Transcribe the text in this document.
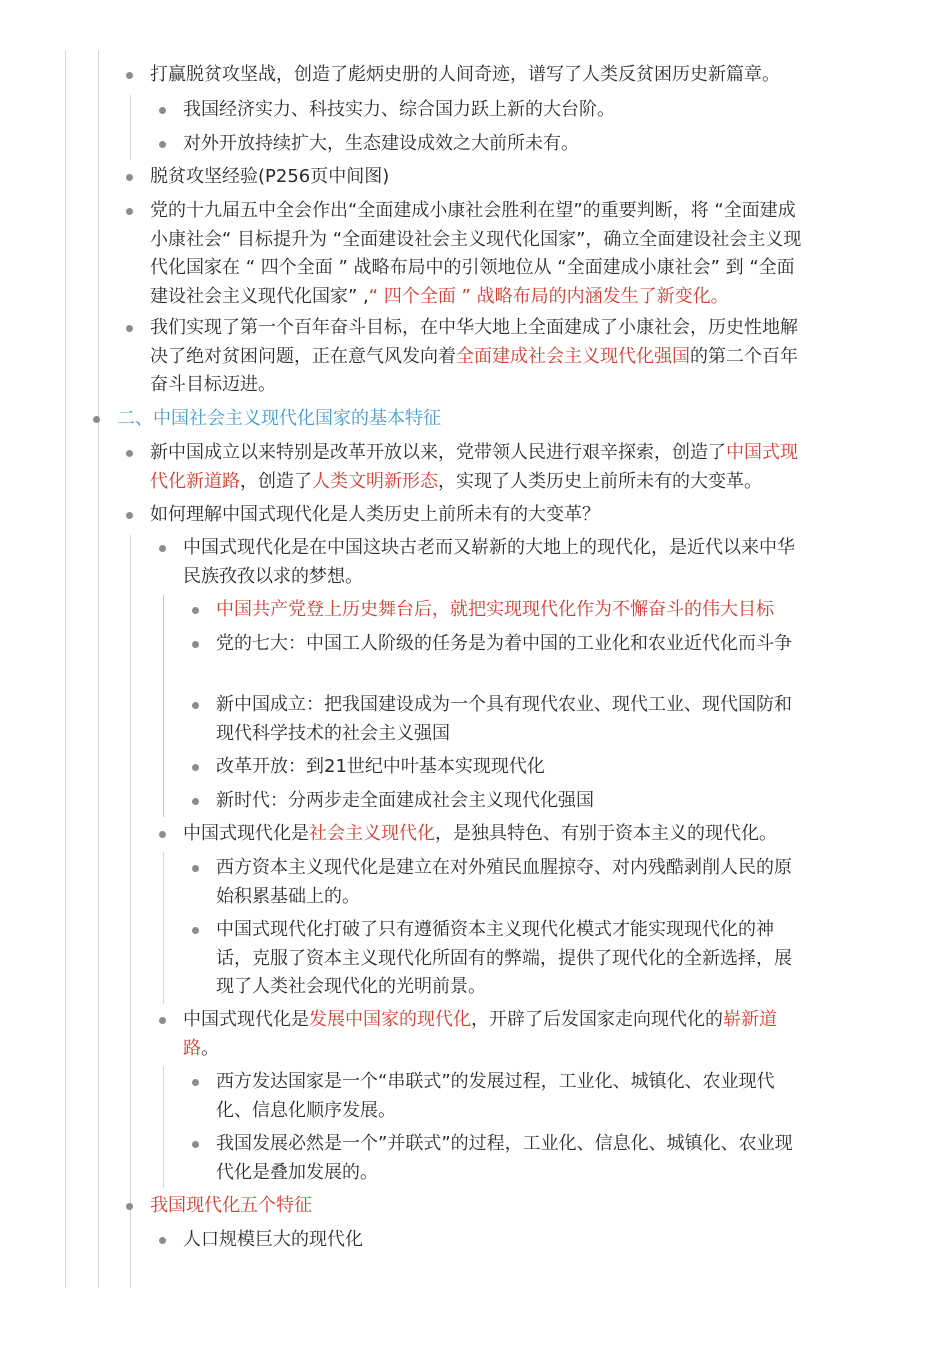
打赢脱贫攻坚战，创造了彪炳史册的人间奇迹，谱写了人类反贫困历史新篇章。

我国经济实力、科技实力、综合国力跃上新的大台阶。

对外开放持续扩大，生态建设成效之大前所未有。

脱贫攻坚经验(P256页中间图)

党的十九届五中全会作出“全面建成小康社会胜利在望”的重要判断，将 “全面建成小康社会“ 目标提升为 “全面建设社会主义现代化国家”，确立全面建设社会主义现代化国家在 “ 四个全面 ” 战略布局中的引领地位从 “全面建成小康社会” 到 “全面建设社会主义现代化国家” ,“ 四个全面 ” 战略布局的内涵发生了新变化。

我们实现了第一个百年奋斗目标，在中华大地上全面建成了小康社会，历史性地解决了绝对贫困问题，正在意气风发向着全面建成社会主义现代化强国的第二个百年奋斗目标迈进。

二、中国社会主义现代化国家的基本特征

新中国成立以来特别是改革开放以来，党带领人民进行艰辛探索，创造了中国式现代化新道路，创造了人类文明新形态，实现了人类历史上前所未有的大变革。

如何理解中国式现代化是人类历史上前所未有的大变革？

中国式现代化是在中国这块古老而又崭新的大地上的现代化，是近代以来中华民族孜孜以求的梦想。

中国共产党登上历史舞台后，就把实现现代化作为不懈奋斗的伟大目标

党的七大：中国工人阶级的任务是为着中国的工业化和农业近代化而斗争

新中国成立：把我国建设成为一个具有现代农业、现代工业、现代国防和现代科学技术的社会主义强国

改革开放：到21世纪中叶基本实现现代化

新时代：分两步走全面建成社会主义现代化强国

中国式现代化是社会主义现代化，是独具特色、有别于资本主义的现代化。

西方资本主义现代化是建立在对外殖民血腥掠夺、对内残酷剥削人民的原始积累基础上的。

中国式现代化打破了只有遵循资本主义现代化模式才能实现现代化的神话，克服了资本主义现代化所固有的弊端，提供了现代化的全新选择，展现了人类社会现代化的光明前景。

中国式现代化是发展中国家的现代化，开辟了后发国家走向现代化的崭新道路。

西方发达国家是一个“串联式”的发展过程，工业化、城镇化、农业现代化、信息化顺序发展。

我国发展必然是一个”并联式”的过程，工业化、信息化、城镇化、农业现代化是叠加发展的。

我国现代化五个特征

人口规模巨大的现代化
